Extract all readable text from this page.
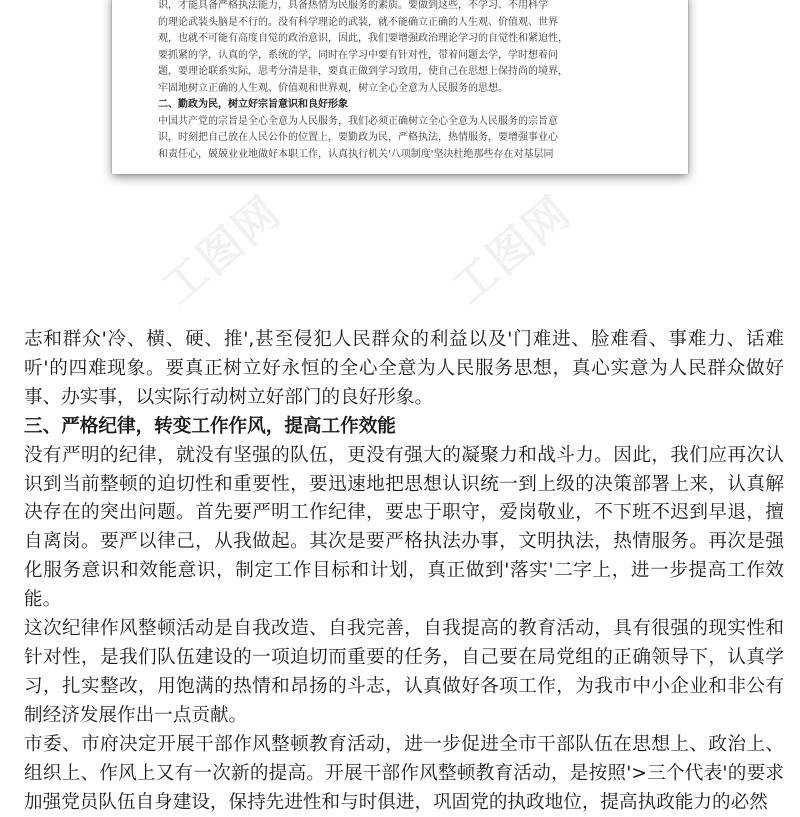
识，才能具备严格执法能力，具备热情为民服务的素质。要做到这些，不学习、不用科学

的理论武装头脑是不行的。没有科学理论的武装，就不能确立正确的人生观、价值观、世界

观，也就不可能有高度自觉的政治意识，因此，我们要增强政治理论学习的自觉性和紧迫性，

要抓紧的学，认真的学，系统的学，同时在学习中要有针对性，带着问题去学，学时想着问

题，要理论联系实际，思考分清是非，要真正做到学习致用，使自己在思想上保持尚的境界，

牢固地树立正确的人生观、价值观和世界观，树立全心全意为人民服务的思想。

二、勤政为民，树立好宗旨意识和良好形象

中国共产党的宗旨是全心全意为人民服务，我们必须正确树立全心全意为人民服务的宗旨意

识，时刻把自己放在人民公仆的位置上，要勤政为民，严格执法，热情服务，要增强事业心

和责任心，兢兢业业地做好本职工作，认真执行机关'八项制度'坚决杜绝那些存在对基层同

工图网	工图网

志和群众'冷、横、硬、推',甚至侵犯人民群众的利益以及'门难进、脸难看、事难力、话难听'的四难现象。要真正树立好永恒的全心全意为人民服务思想，真心实意为人民群众做好事、办实事，以实际行动树立好部门的良好形象。

三、严格纪律，转变工作作风，提高工作效能

没有严明的纪律，就没有坚强的队伍，更没有强大的凝聚力和战斗力。因此，我们应再次认识到当前整顿的迫切性和重要性，要迅速地把思想认识统一到上级的决策部署上来，认真解决存在的突出问题。首先要严明工作纪律，要忠于职守，爱岗敬业，不下班不迟到早退，擅自离岗。要严以律己，从我做起。其次是要严格执法办事，文明执法，热情服务。再次是强化服务意识和效能意识，制定工作目标和计划，真正做到'落实'二字上，进一步提高工作效能。

这次纪律作风整顿活动是自我改造、自我完善，自我提高的教育活动，具有很强的现实性和针对性，是我们队伍建设的一项迫切而重要的任务，自己要在局党组的正确领导下，认真学习，扎实整改，用饱满的热情和昂扬的斗志，认真做好各项工作，为我市中小企业和非公有制经济发展作出一点贡献。

市委、市府决定开展干部作风整顿教育活动，进一步促进全市干部队伍在思想上、政治上、组织上、作风上又有一次新的提高。开展干部作风整顿教育活动，是按照'>三个代表'的要求加强党员队伍自身建设，保持先进性和与时俱进，巩固党的执政地位，提高执政能力的必然
